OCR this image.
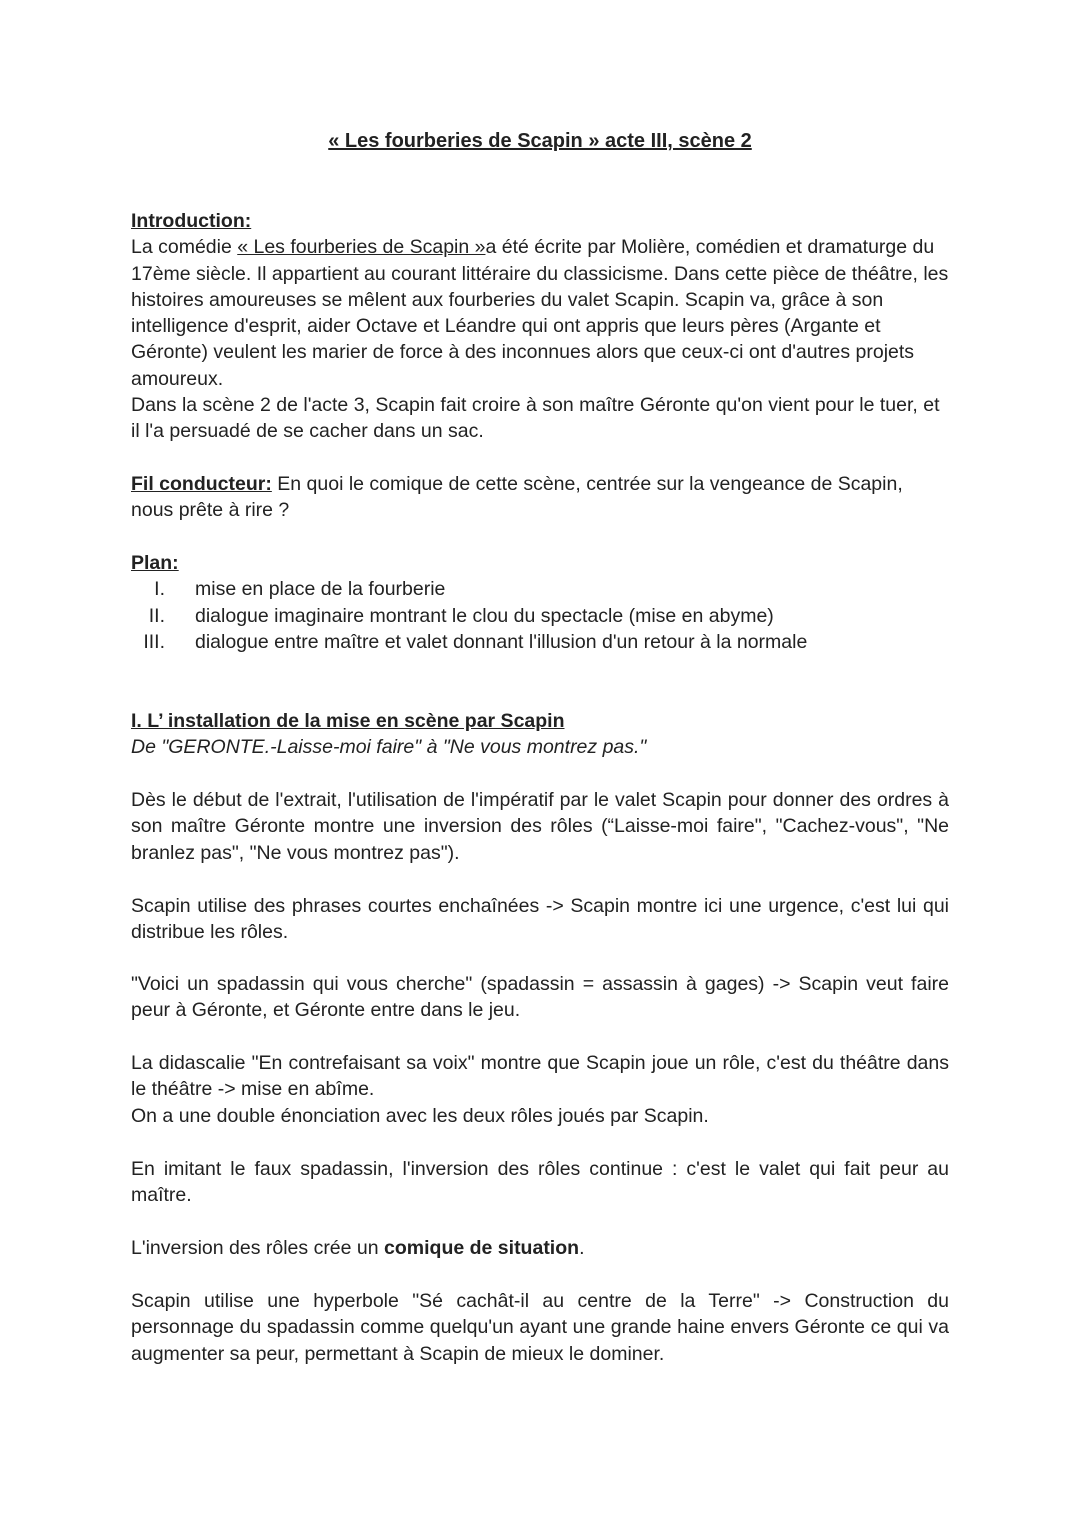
« Les fourberies de Scapin » acte III, scène 2

Introduction:

La comédie « Les fourberies de Scapin »a été écrite par Molière, comédien et dramaturge du 17ème siècle. Il appartient au courant littéraire du classicisme. Dans cette pièce de théâtre, les histoires amoureuses se mêlent aux fourberies du valet Scapin. Scapin va, grâce à son intelligence d'esprit, aider Octave et Léandre qui ont appris que leurs pères (Argante et Géronte) veulent les marier de force à des inconnues alors que ceux-ci ont d'autres projets amoureux.

Dans la scène 2 de l'acte 3, Scapin fait croire à son maître Géronte qu'on vient pour le tuer, et il l'a persuadé de se cacher dans un sac.

Fil conducteur: En quoi le comique de cette scène, centrée sur la vengeance de Scapin, nous prête à rire ?

Plan:

I. mise en place de la fourberie
II. dialogue imaginaire montrant le clou du spectacle (mise en abyme)
III. dialogue entre maître et valet donnant l'illusion d'un retour à la normale

I. L’ installation de la mise en scène par Scapin

De "GERONTE.-Laisse-moi faire" à "Ne vous montrez pas."

Dès le début de l'extrait, l'utilisation de l'impératif par le valet Scapin pour donner des ordres à son maître Géronte montre une inversion des rôles (“Laisse-moi faire", "Cachez-vous", "Ne branlez pas", "Ne vous montrez pas").
Scapin utilise des phrases courtes enchaînées -> Scapin montre ici une urgence, c'est lui qui distribue les rôles.
"Voici un spadassin qui vous cherche" (spadassin = assassin à gages) -> Scapin veut faire peur à Géronte, et Géronte entre dans le jeu.

La didascalie "En contrefaisant sa voix" montre que Scapin joue un rôle, c'est du théâtre dans le théâtre -> mise en abîme.

On a une double énonciation avec les deux rôles joués par Scapin.

En imitant le faux spadassin, l'inversion des rôles continue : c'est le valet qui fait peur au maître.
L'inversion des rôles crée un comique de situation.
Scapin utilise une hyperbole "Sé cachât-il au centre de la Terre" -> Construction du personnage du spadassin comme quelqu'un ayant une grande haine envers Géronte ce qui va augmenter sa peur, permettant à Scapin de mieux le dominer.
